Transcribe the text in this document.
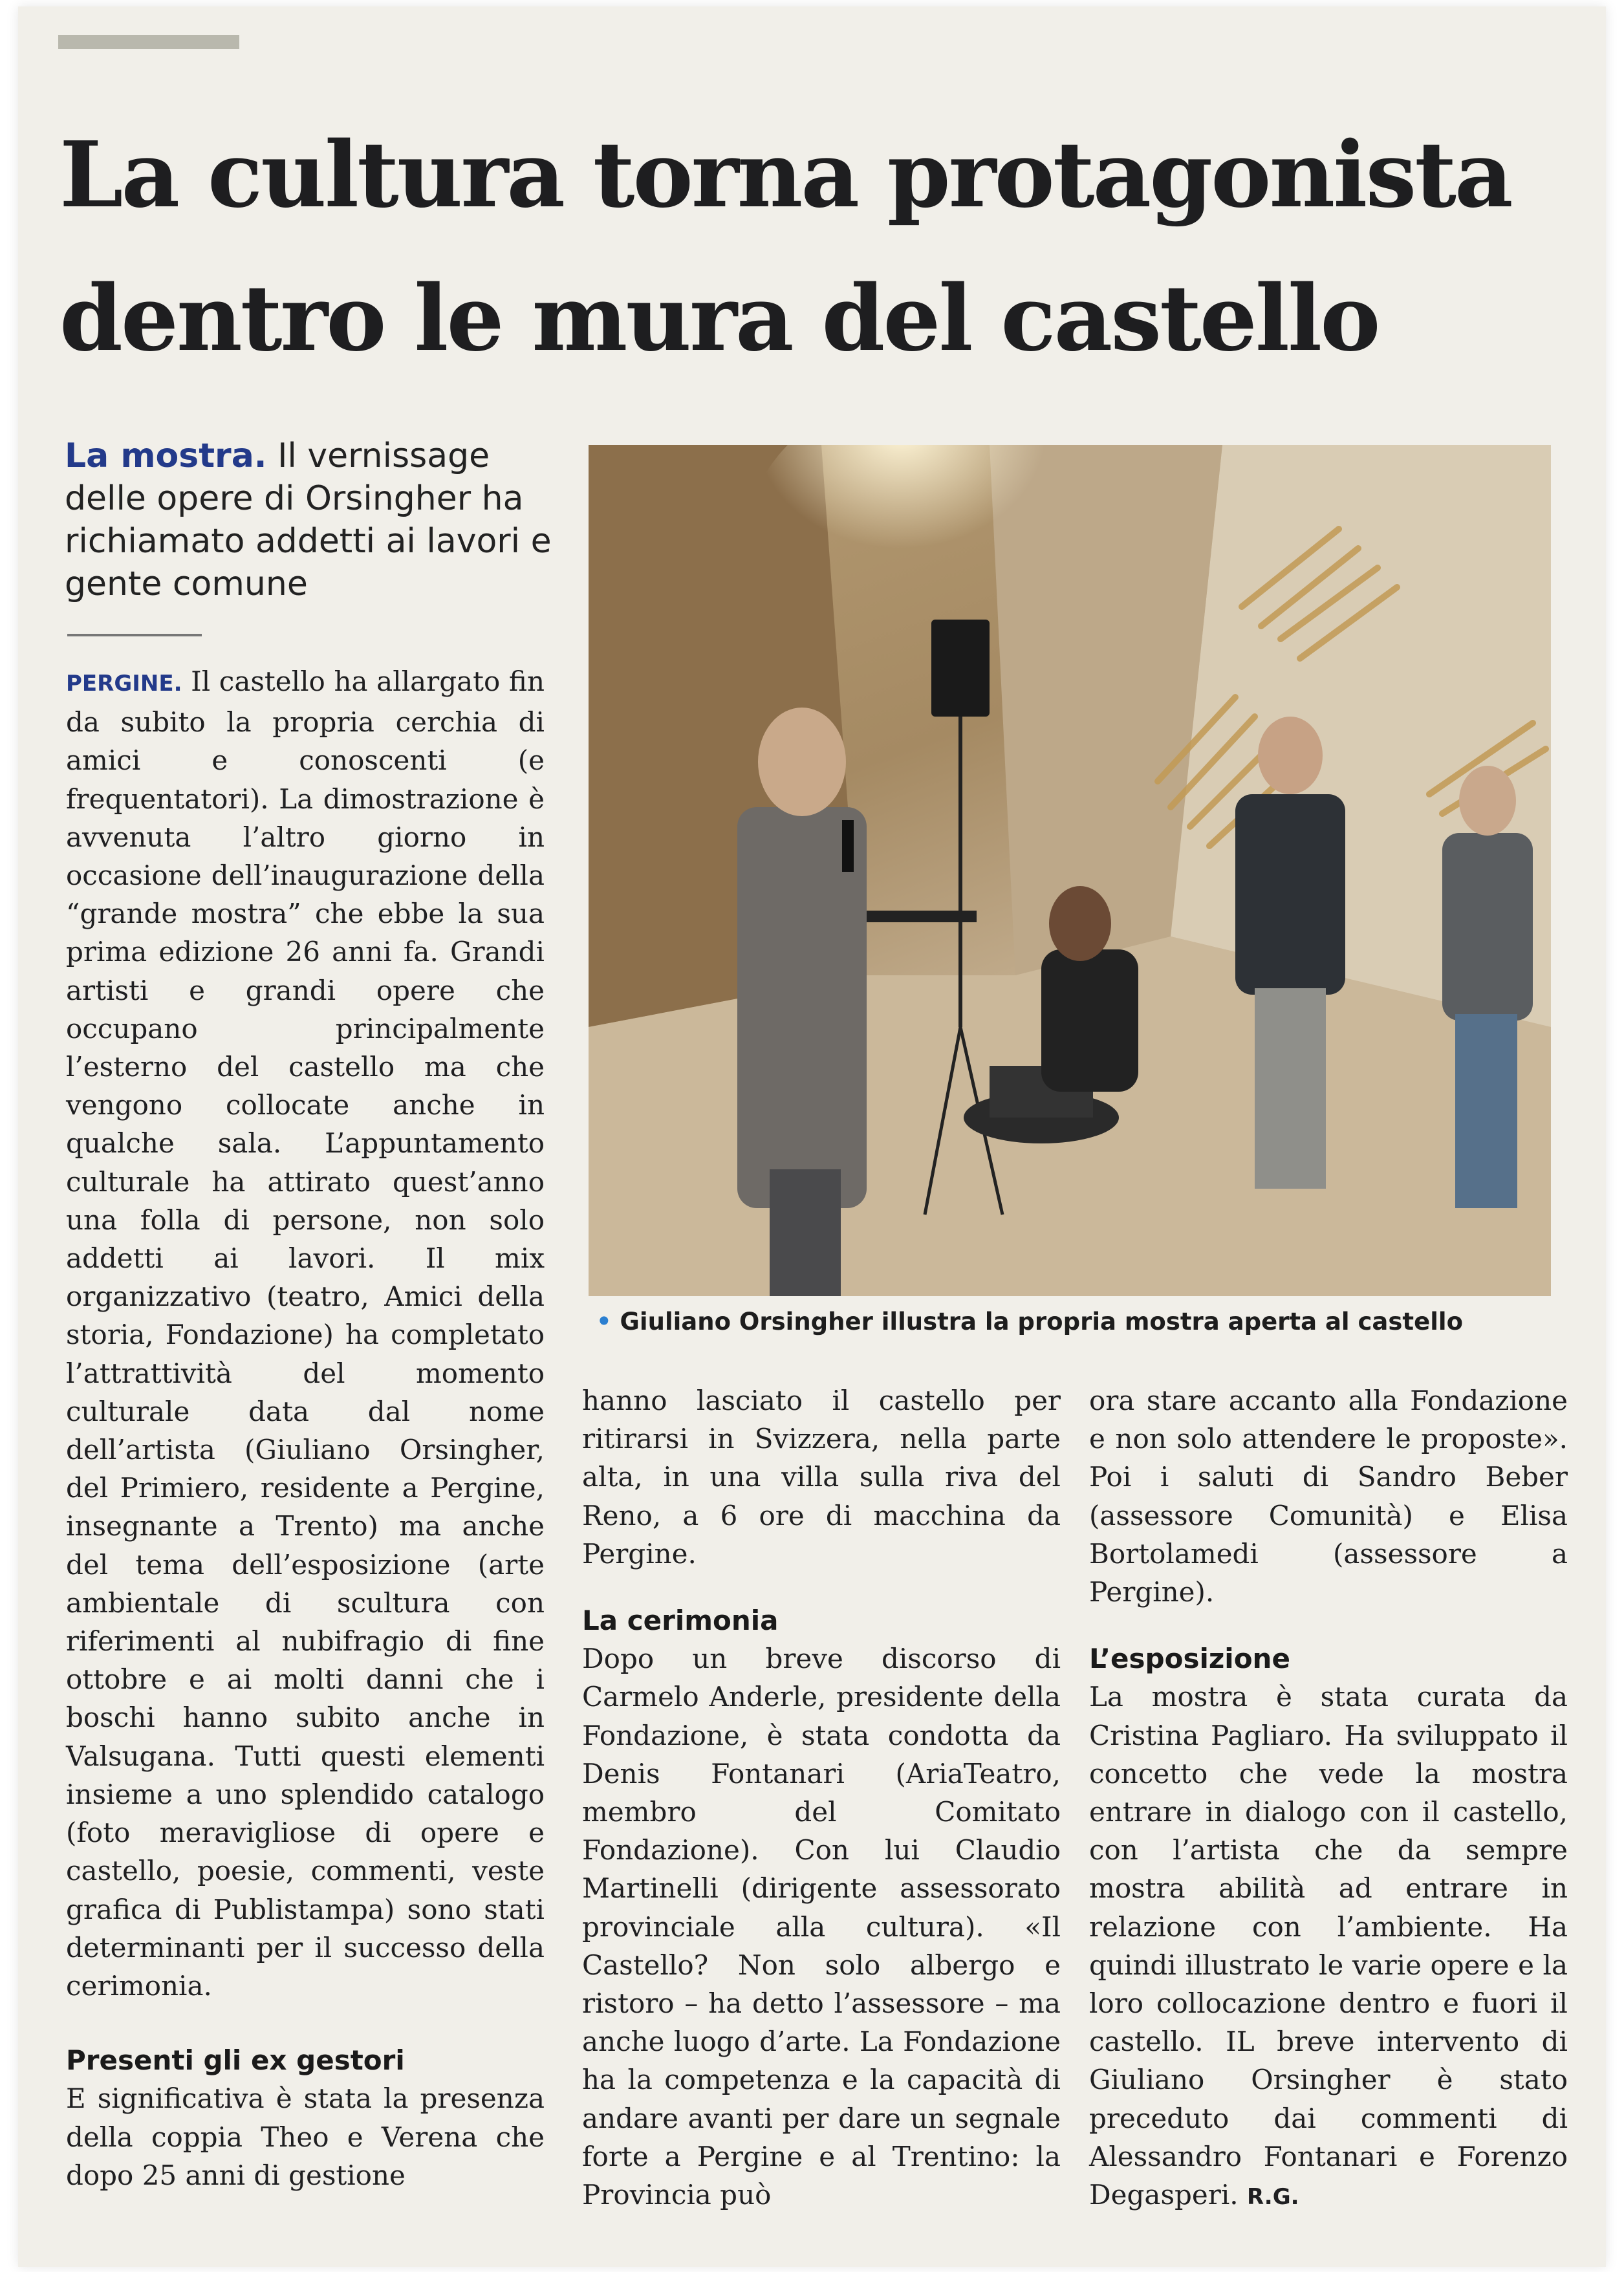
La cultura torna protagonista
dentro le mura del castello
La mostra. Il vernissage delle opere di Orsingher ha richiamato addetti ai lavori e gente comune

PERGINE. Il castello ha allargato fin da subito la propria cerchia di amici e conoscenti (e frequentatori). La dimostrazione è avvenuta l’altro giorno in occasione dell’inaugurazione della “grande mostra” che ebbe la sua prima edizione 26 anni fa. Grandi artisti e grandi opere che occupano principalmente l’esterno del castello ma che vengono collocate anche in qualche sala. L’appuntamento culturale ha attirato quest’anno una folla di persone, non solo addetti ai lavori. Il mix organizzativo (teatro, Amici della storia, Fondazione) ha completato l’attrattività del momento culturale data dal nome dell’artista (Giuliano Orsingher, del Primiero, residente a Pergine, insegnante a Trento) ma anche del tema dell’esposizione (arte ambientale di scultura con riferimenti al nubifragio di fine ottobre e ai molti danni che i boschi hanno subito anche in Valsugana. Tutti questi elementi insieme a uno splendido catalogo (foto meravigliose di opere e castello, poesie, commenti, veste grafica di Publistampa) sono stati determinanti per il successo della cerimonia.

Presenti gli ex gestori

E significativa è stata la presenza della coppia Theo e Verena che dopo 25 anni di gestione

• Giuliano Orsingher illustra la propria mostra aperta al castello

hanno lasciato il castello per ritirarsi in Svizzera, nella parte alta, in una villa sulla riva del Reno, a 6 ore di macchina da Pergine.

La cerimonia

Dopo un breve discorso di Carmelo Anderle, presidente della Fondazione, è stata condotta da Denis Fontanari (AriaTeatro, membro del Comitato Fondazione). Con lui Claudio Martinelli (dirigente assessorato provinciale alla cultura). «Il Castello? Non solo albergo e ristoro – ha detto l’assessore – ma anche luogo d’arte. La Fondazione ha la competenza e la capacità di andare avanti per dare un segnale forte a Pergine e al Trentino: la Provincia può

ora stare accanto alla Fondazione e non solo attendere le proposte». Poi i saluti di Sandro Beber (assessore Comunità) e Elisa Bortolamedi (assessore a Pergine).

L’esposizione

La mostra è stata curata da Cristina Pagliaro. Ha sviluppato il concetto che vede la mostra entrare in dialogo con il castello, con l’artista che da sempre mostra abilità ad entrare in relazione con l’ambiente. Ha quindi illustrato le varie opere e la loro collocazione dentro e fuori il castello. IL breve intervento di Giuliano Orsingher è stato preceduto dai commenti di Alessandro Fontanari e Forenzo Degasperi. R.G.
